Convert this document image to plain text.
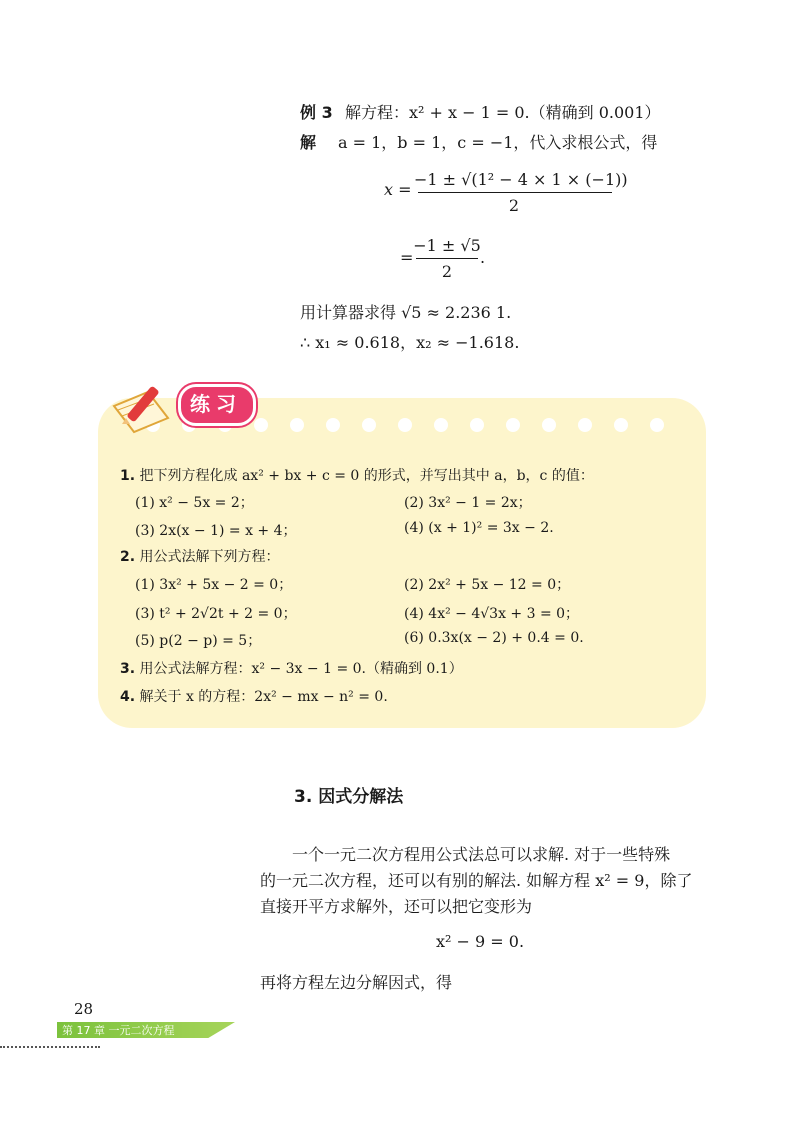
例 3 解方程：x² + x − 1 = 0.（精确到 0.001）
解 a = 1，b = 1，c = −1，代入求根公式，得
x =
−1 ± √(1² − 4 × 1 × (−1))
2
=
−1 ± √5
2
.
用计算器求得 √5 ≈ 2.236 1.
∴ x₁ ≈ 0.618，x₂ ≈ −1.618.
练习
1. 把下列方程化成 ax² + bx + c = 0 的形式，并写出其中 a，b，c 的值：
(1) x² − 5x = 2；	(2) 3x² − 1 = 2x；
(3) 2x(x − 1) = x + 4；	(4) (x + 1)² = 3x − 2.
2. 用公式法解下列方程：
(1) 3x² + 5x − 2 = 0；	(2) 2x² + 5x − 12 = 0；
(3) t² + 2√2t + 2 = 0；	(4) 4x² − 4√3x + 3 = 0；
(5) p(2 − p) = 5；	(6) 0.3x(x − 2) + 0.4 = 0.
3. 用公式法解方程：x² − 3x − 1 = 0.（精确到 0.1）
4. 解关于 x 的方程：2x² − mx − n² = 0.
3. 因式分解法
一个一元二次方程用公式法总可以求解. 对于一些特殊
的一元二次方程，还可以有别的解法. 如解方程 x² = 9，除了
直接开平方求解外，还可以把它变形为
x² − 9 = 0.
再将方程左边分解因式，得
28
第 17 章 一元二次方程
